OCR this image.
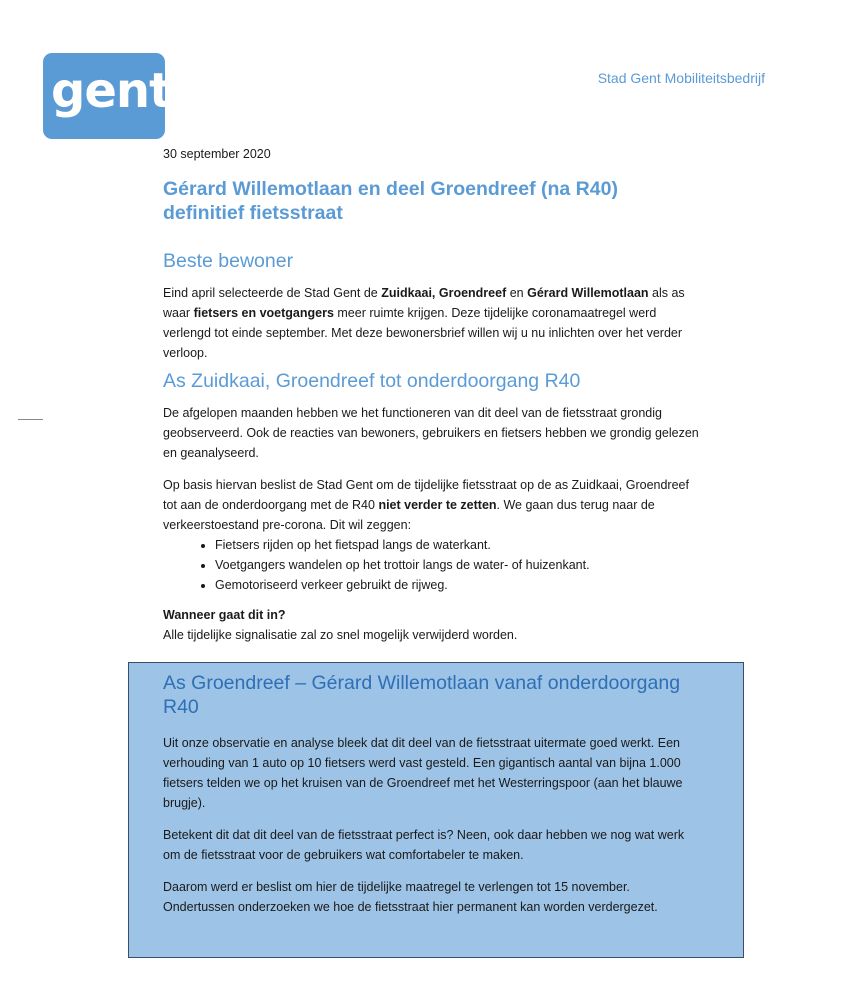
gent:	Stad Gent Mobiliteitsbedrijf
30 september 2020
Gérard Willemotlaan en deel Groendreef (na R40) definitief fietsstraat
Beste bewoner

Eind april selecteerde de Stad Gent de Zuidkaai, Groendreef en Gérard Willemotlaan als as waar fietsers en voetgangers meer ruimte krijgen. Deze tijdelijke coronamaatregel werd verlengd tot einde september. Met deze bewonersbrief willen wij u nu inlichten over het verder verloop.

As Zuidkaai, Groendreef tot onderdoorgang R40

De afgelopen maanden hebben we het functioneren van dit deel van de fietsstraat grondig geobserveerd. Ook de reacties van bewoners, gebruikers en fietsers hebben we grondig gelezen en geanalyseerd.

Op basis hiervan beslist de Stad Gent om de tijdelijke fietsstraat op de as Zuidkaai, Groendreef tot aan de onderdoorgang met de R40 niet verder te zetten. We gaan dus terug naar de verkeerstoestand pre-corona. Dit wil zeggen:

• Fietsers rijden op het fietspad langs de waterkant.
• Voetgangers wandelen op het trottoir langs de water- of huizenkant.
• Gemotoriseerd verkeer gebruikt de rijweg.

Wanneer gaat dit in?
Alle tijdelijke signalisatie zal zo snel mogelijk verwijderd worden.

As Groendreef – Gérard Willemotlaan vanaf onderdoorgang R40

Uit onze observatie en analyse bleek dat dit deel van de fietsstraat uitermate goed werkt. Een verhouding van 1 auto op 10 fietsers werd vast gesteld. Een gigantisch aantal van bijna 1.000 fietsers telden we op het kruisen van de Groendreef met het Westerringspoor (aan het blauwe brugje).

Betekent dit dat dit deel van de fietsstraat perfect is? Neen, ook daar hebben we nog wat werk om de fietsstraat voor de gebruikers wat comfortabeler te maken.

Daarom werd er beslist om hier de tijdelijke maatregel te verlengen tot 15 november. Ondertussen onderzoeken we hoe de fietsstraat hier permanent kan worden verdergezet.
